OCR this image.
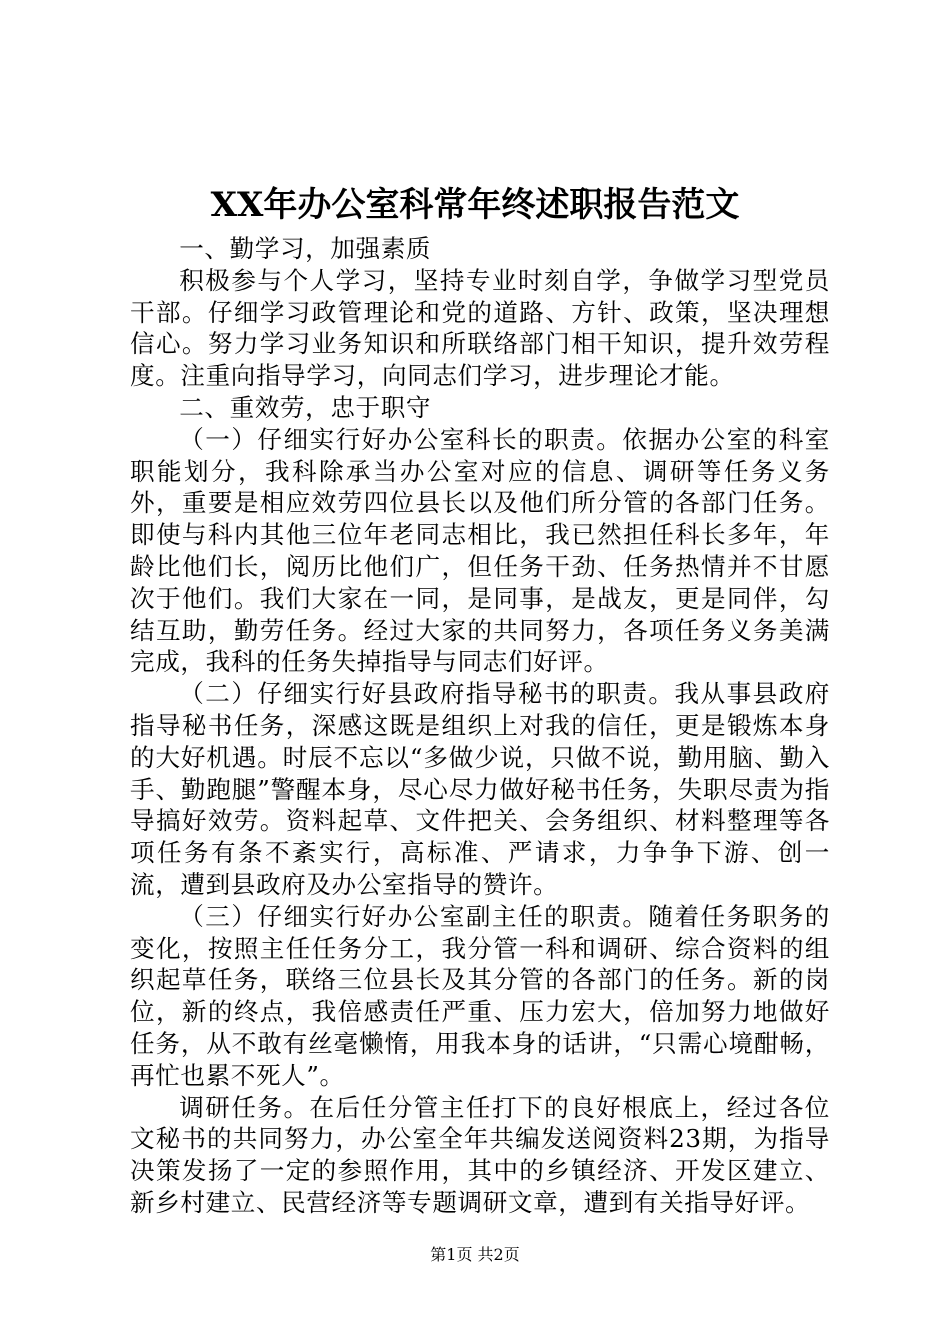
XX年办公室科常年终述职报告范文

一、勤学习，加强素质

积极参与个人学习，坚持专业时刻自学，争做学习型党员干部。仔细学习政管理论和党的道路、方针、政策，坚决理想信心。努力学习业务知识和所联络部门相干知识，提升效劳程度。注重向指导学习，向同志们学习，进步理论才能。

二、重效劳，忠于职守

（一）仔细实行好办公室科长的职责。依据办公室的科室职能划分，我科除承当办公室对应的信息、调研等任务义务外，重要是相应效劳四位县长以及他们所分管的各部门任务。即使与科内其他三位年老同志相比，我已然担任科长多年，年龄比他们长，阅历比他们广，但任务干劲、任务热情并不甘愿次于他们。我们大家在一同，是同事，是战友，更是同伴，勾结互助，勤劳任务。经过大家的共同努力，各项任务义务美满完成，我科的任务失掉指导与同志们好评。

（二）仔细实行好县政府指导秘书的职责。我从事县政府指导秘书任务，深感这既是组织上对我的信任，更是锻炼本身的大好机遇。时辰不忘以“多做少说，只做不说，勤用脑、勤入手、勤跑腿”警醒本身，尽心尽力做好秘书任务，失职尽责为指导搞好效劳。资料起草、文件把关、会务组织、材料整理等各项任务有条不紊实行，高标准、严请求，力争争下游、创一流，遭到县政府及办公室指导的赞许。

（三）仔细实行好办公室副主任的职责。随着任务职务的变化，按照主任任务分工，我分管一科和调研、综合资料的组织起草任务，联络三位县长及其分管的各部门的任务。新的岗位，新的终点，我倍感责任严重、压力宏大，倍加努力地做好任务，从不敢有丝毫懒惰，用我本身的话讲，“只需心境酣畅，再忙也累不死人”。

调研任务。在后任分管主任打下的良好根底上，经过各位文秘书的共同努力，办公室全年共编发送阅资料23期，为指导决策发扬了一定的参照作用，其中的乡镇经济、开发区建立、新乡村建立、民营经济等专题调研文章，遭到有关指导好评。

第1页 共2页
